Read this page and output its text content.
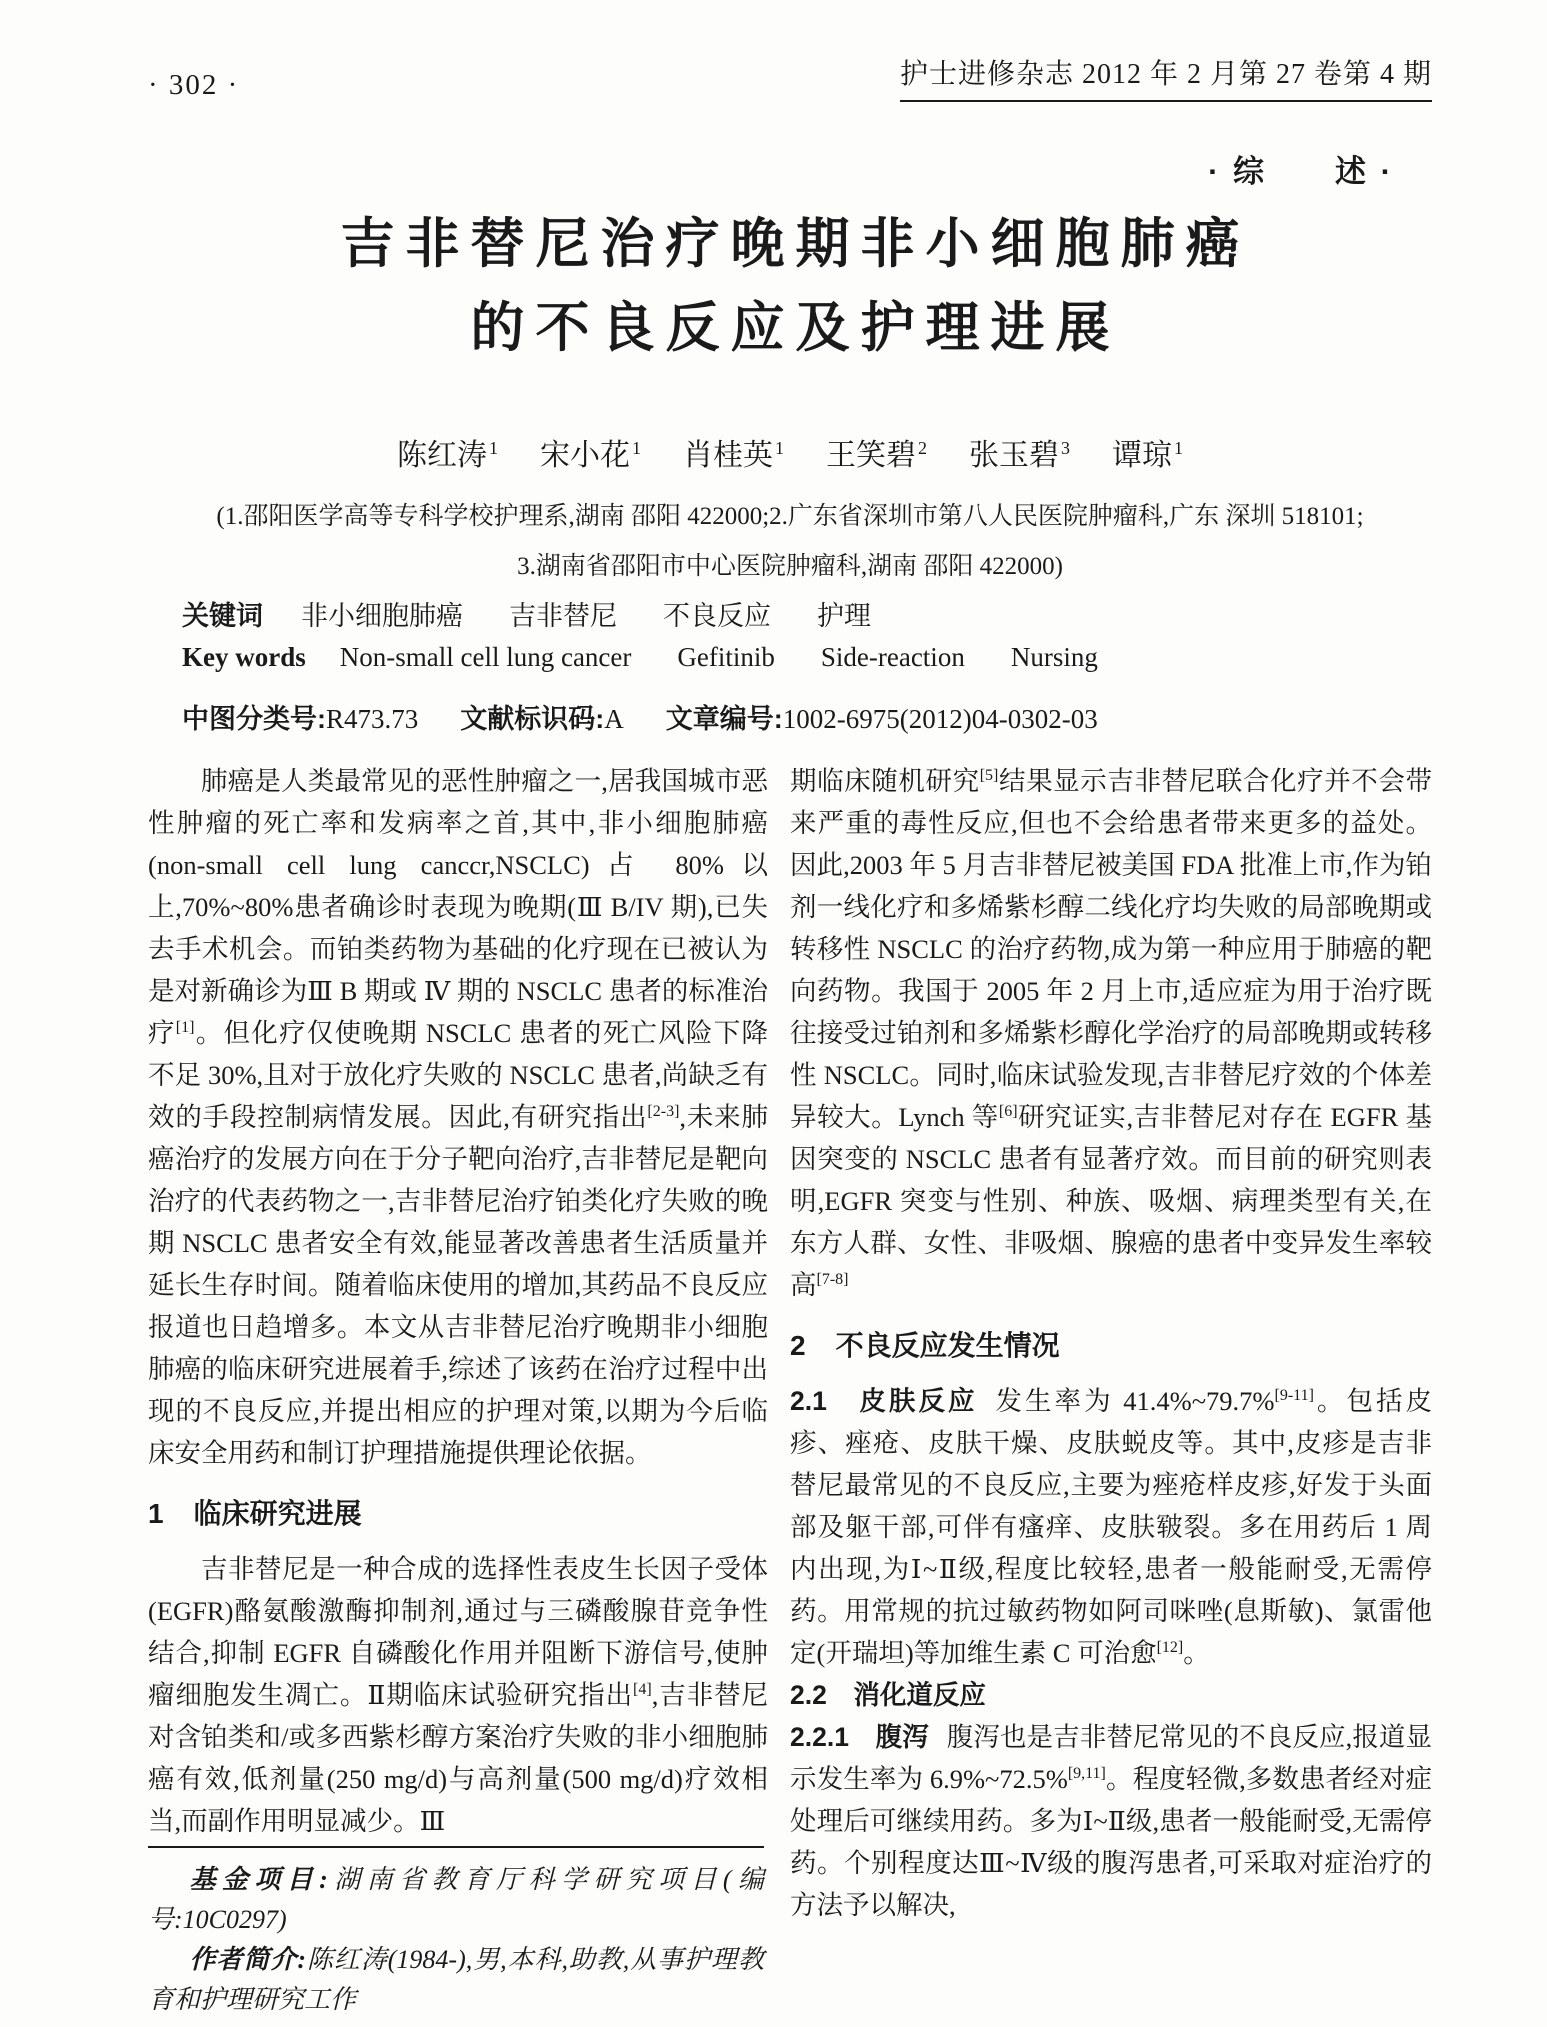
· 302 ·	护士进修杂志 2012 年 2 月第 27 卷第 4 期
· 综　　述 ·
吉非替尼治疗晚期非小细胞肺癌
的不良反应及护理进展
陈红涛 $^1$ 宋小花 $^1$ 肖桂英 $^1$ 王笑碧 $^2$ 张玉碧 $^3$ 谭琼 $^1$
(1.邵阳医学高等专科学校护理系,湖南 邵阳 422000;2.广东省深圳市第八人民医院肿瘤科,广东 深圳 518101;
3.湖南省邵阳市中心医院肿瘤科,湖南 邵阳 422000)
关键词 非小细胞肺癌 吉非替尼 不良反应 护理
Key words Non-small cell lung cancer Gefitinib Side-reaction Nursing
中图分类号:R473.73 文献标识码:A 文章编号:1002-6975(2012)04-0302-03

肺癌是人类最常见的恶性肿瘤之一,居我国城市恶性肿瘤的死亡率和发病率之首,其中,非小细胞肺癌(non-small cell lung canccr,NSCLC)占 80%以上,70%~80%患者确诊时表现为晚期(Ⅲ B/IV 期),已失去手术机会。而铂类药物为基础的化疗现在已被认为是对新确诊为Ⅲ B 期或 Ⅳ 期的 NSCLC 患者的标准治疗[1]。但化疗仅使晚期 NSCLC 患者的死亡风险下降不足 30%,且对于放化疗失败的 NSCLC 患者,尚缺乏有效的手段控制病情发展。因此,有研究指出[2-3],未来肺癌治疗的发展方向在于分子靶向治疗,吉非替尼是靶向治疗的代表药物之一,吉非替尼治疗铂类化疗失败的晚期 NSCLC 患者安全有效,能显著改善患者生活质量并延长生存时间。随着临床使用的增加,其药品不良反应报道也日趋增多。本文从吉非替尼治疗晚期非小细胞肺癌的临床研究进展着手,综述了该药在治疗过程中出现的不良反应,并提出相应的护理对策,以期为今后临床安全用药和制订护理措施提供理论依据。

1 临床研究进展

吉非替尼是一种合成的选择性表皮生长因子受体(EGFR)酪氨酸激酶抑制剂,通过与三磷酸腺苷竞争性结合,抑制 EGFR 自磷酸化作用并阻断下游信号,使肿瘤细胞发生凋亡。Ⅱ期临床试验研究指出[4],吉非替尼对含铂类和/或多西紫杉醇方案治疗失败的非小细胞肺癌有效,低剂量(250 mg/d)与高剂量(500 mg/d)疗效相当,而副作用明显减少。Ⅲ

基金项目:湖南省教育厅科学研究项目(编号:10C0297)
作者简介:陈红涛(1984-),男,本科,助教,从事护理教育和护理研究工作

期临床随机研究[5]结果显示吉非替尼联合化疗并不会带来严重的毒性反应,但也不会给患者带来更多的益处。因此,2003 年 5 月吉非替尼被美国 FDA 批准上市,作为铂剂一线化疗和多烯紫杉醇二线化疗均失败的局部晚期或转移性 NSCLC 的治疗药物,成为第一种应用于肺癌的靶向药物。我国于 2005 年 2 月上市,适应症为用于治疗既往接受过铂剂和多烯紫杉醇化学治疗的局部晚期或转移性 NSCLC。同时,临床试验发现,吉非替尼疗效的个体差异较大。Lynch 等[6]研究证实,吉非替尼对存在 EGFR 基因突变的 NSCLC 患者有显著疗效。而目前的研究则表明,EGFR 突变与性别、种族、吸烟、病理类型有关,在东方人群、女性、非吸烟、腺癌的患者中变异发生率较高[7-8]

2 不良反应发生情况

2.1　皮肤反应 发生率为 41.4%~79.7%[9-11]。包括皮疹、痤疮、皮肤干燥、皮肤蜕皮等。其中,皮疹是吉非替尼最常见的不良反应,主要为痤疮样皮疹,好发于头面部及躯干部,可伴有瘙痒、皮肤皲裂。多在用药后 1 周内出现,为Ⅰ~Ⅱ级,程度比较轻,患者一般能耐受,无需停药。用常规的抗过敏药物如阿司咪唑(息斯敏)、氯雷他定(开瑞坦)等加维生素 C 可治愈[12]。

2.2　消化道反应

2.2.1　腹泻 腹泻也是吉非替尼常见的不良反应,报道显示发生率为 6.9%~72.5%[9,11]。程度轻微,多数患者经对症处理后可继续用药。多为Ⅰ~Ⅱ级,患者一般能耐受,无需停药。个别程度达Ⅲ~Ⅳ级的腹泻患者,可采取对症治疗的方法予以解决,
